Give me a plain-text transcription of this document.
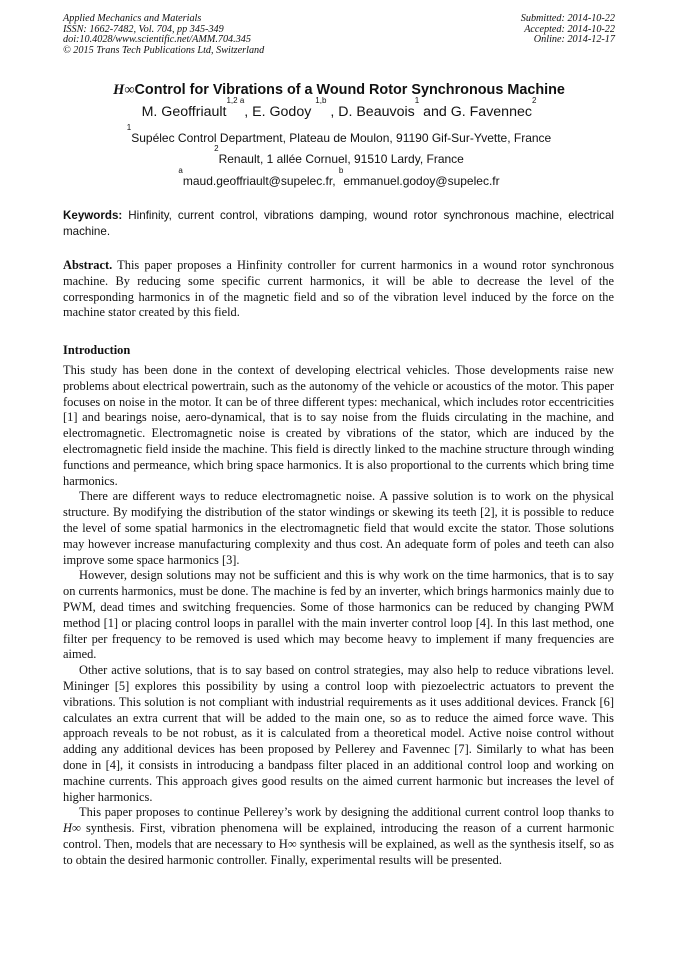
Applied Mechanics and Materials
ISSN: 1662-7482, Vol. 704, pp 345-349
doi:10.4028/www.scientific.net/AMM.704.345
© 2015 Trans Tech Publications Ltd, Switzerland
Submitted: 2014-10-22
Accepted: 2014-10-22
Online: 2014-12-17
H∞Control for Vibrations of a Wound Rotor Synchronous Machine
M. Geoffriault$^{1,2 a}$, E. Godoy $^{1,b}$ , D. Beauvois$^1$ and G. Favennec$^2$
$^1$Supélec Control Department, Plateau de Moulon, 91190 Gif-Sur-Yvette, France
$^2$Renault, 1 allée Cornuel, 91510 Lardy, France
$^a$maud.geoffriault@supelec.fr, $^b$emmanuel.godoy@supelec.fr
Keywords: Hinfinity, current control, vibrations damping, wound rotor synchronous machine, electrical machine.
Abstract. This paper proposes a Hinfinity controller for current harmonics in a wound rotor synchronous machine. By reducing some specific current harmonics, it will be able to decrease the level of the corresponding harmonics in of the magnetic field and so of the vibration level induced by the force on the machine stator created by this field.
Introduction

This study has been done in the context of developing electrical vehicles. Those developments raise new problems about electrical powertrain, such as the autonomy of the vehicle or acoustics of the motor. This paper focuses on noise in the motor. It can be of three different types: mechanical, which includes rotor eccentricities [1] and bearings noise, aero-dynamical, that is to say noise from the fluids circulating in the machine, and electromagnetic. Electromagnetic noise is created by vibrations of the stator, which are induced by the electromagnetic field inside the machine. This field is directly linked to the machine structure through winding functions and permeance, which bring space harmonics. It is also proportional to the currents which bring time harmonics.

There are different ways to reduce electromagnetic noise. A passive solution is to work on the physical structure. By modifying the distribution of the stator windings or skewing its teeth [2], it is possible to reduce the level of some spatial harmonics in the electromagnetic field that would excite the stator. Those solutions may however increase manufacturing complexity and thus cost. An adequate form of poles and teeth can also improve some space harmonics [3].

However, design solutions may not be sufficient and this is why work on the time harmonics, that is to say on currents harmonics, must be done. The machine is fed by an inverter, which brings harmonics mainly due to PWM, dead times and switching frequencies. Some of those harmonics can be reduced by changing PWM method [1] or placing control loops in parallel with the main inverter control loop [4]. In this last method, one filter per frequency to be removed is used which may become heavy to implement if many frequencies are aimed.

Other active solutions, that is to say based on control strategies, may also help to reduce vibrations level. Mininger [5] explores this possibility by using a control loop with piezoelectric actuators to prevent the vibrations. This solution is not compliant with industrial requirements as it uses additional devices. Franck [6] calculates an extra current that will be added to the main one, so as to reduce the aimed force wave. This approach reveals to be not robust, as it is calculated from a theoretical model. Active noise control without adding any additional devices has been proposed by Pellerey and Favennec [7]. Similarly to what has been done in [4], it consists in introducing a bandpass filter placed in an additional control loop and working on machine currents. This approach gives good results on the aimed current harmonic but increases the level of higher harmonics.

This paper proposes to continue Pellerey’s work by designing the additional current control loop thanks to H∞ synthesis. First, vibration phenomena will be explained, introducing the reason of a current harmonic control. Then, models that are necessary to H∞ synthesis will be explained, as well as the synthesis itself, so as to obtain the desired harmonic controller. Finally, experimental results will be presented.
